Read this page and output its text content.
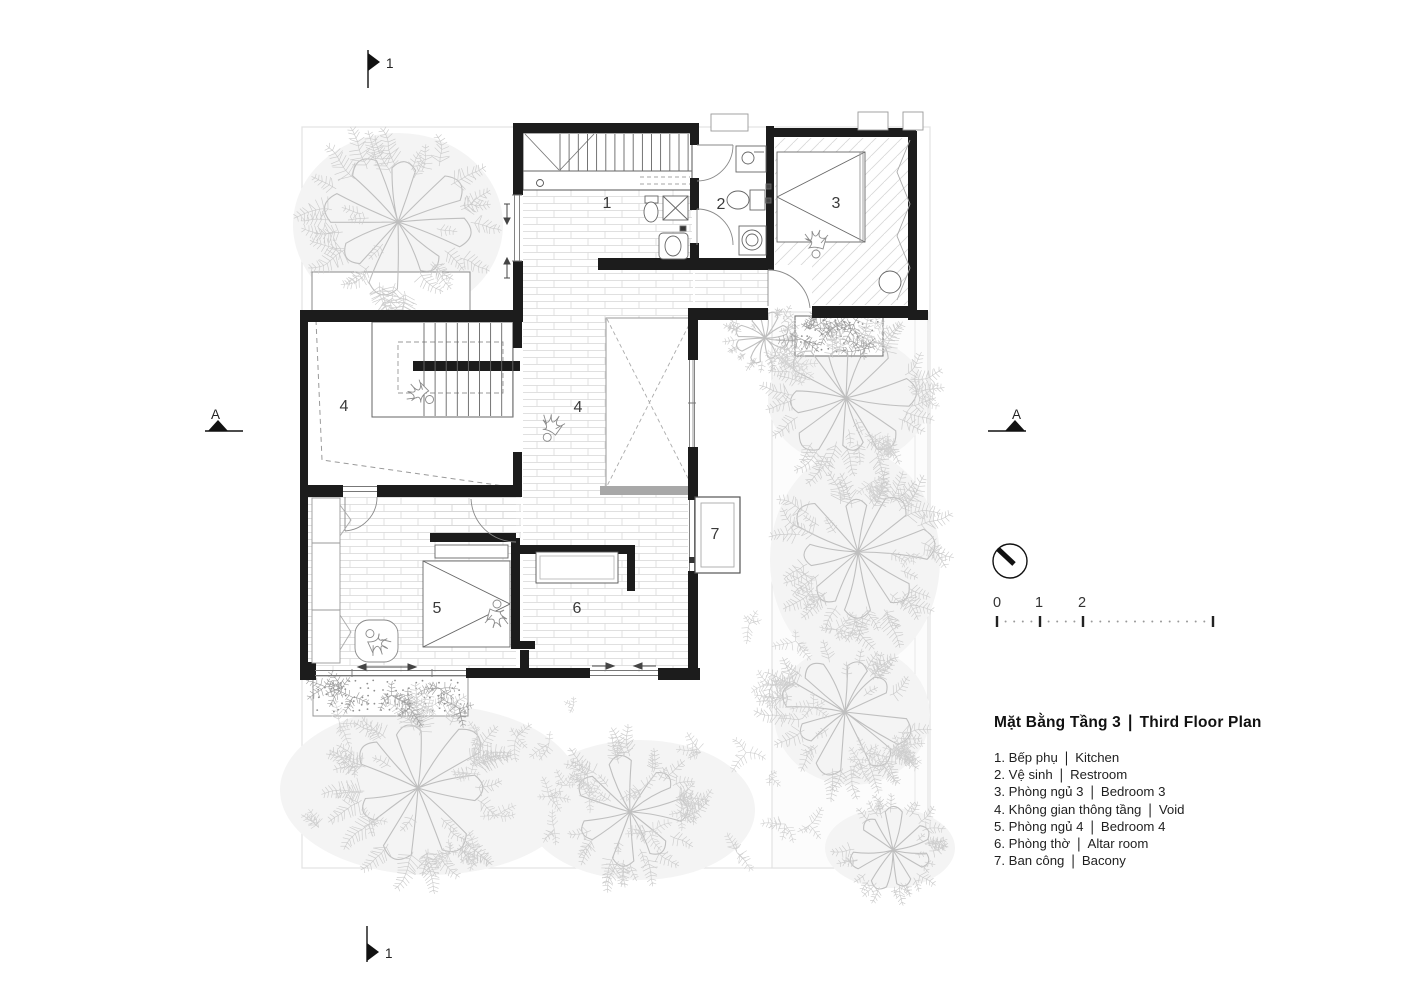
1	2	3
4	4
5	6
7
1
1
A	A
0 1 2
Mặt Bằng Tầng 3 | Third Floor Plan
1. Bếp phụ | Kitchen
2. Vệ sinh | Restroom
3. Phòng ngủ 3 | Bedroom 3
4. Không gian thông tầng | Void
5. Phòng ngủ 4 | Bedroom 4
6. Phòng thờ | Altar room
7. Ban công | Bacony
